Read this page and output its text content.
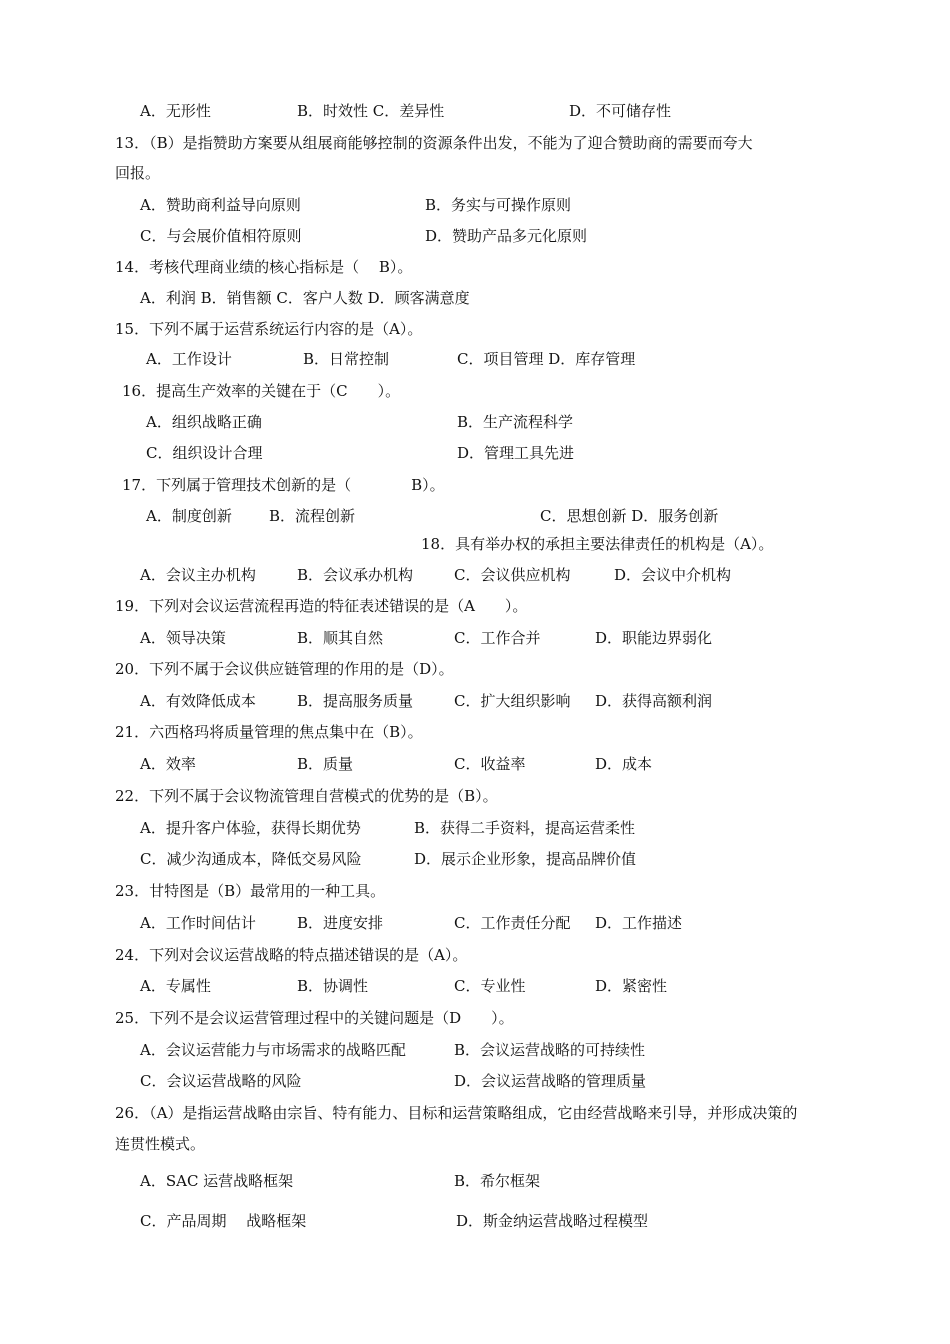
A．无形性	B．时效性 C．差异性	D．不可储存性
13．（B）是指赞助方案要从组展商能够控制的资源条件出发，不能为了迎合赞助商的需要而夸大
回报。
A．赞助商利益导向原则	B．务实与可操作原则
C．与会展价值相符原则	D．赞助产品多元化原则
14．考核代理商业绩的核心指标是（　 B）。
A．利润 B．销售额 C．客户人数 D．顾客满意度
15．下列不属于运营系统运行内容的是（A）。
A．工作设计	B．日常控制	C．项目管理 D．库存管理
16．提高生产效率的关键在于（C　　）。
A．组织战略正确	B．生产流程科学
C．组织设计合理	D．管理工具先进
17．下列属于管理技术创新的是（　　　　B）。
A．制度创新 B．流程创新	C．思想创新 D．服务创新
18．具有举办权的承担主要法律责任的机构是（A）。
A．会议主办机构	B．会议承办机构	C．会议供应机构	D．会议中介机构
19．下列对会议运营流程再造的特征表述错误的是（A　　）。
A．领导决策	B．顺其自然	C．工作合并	D．职能边界弱化
20．下列不属于会议供应链管理的作用的是（D）。
A．有效降低成本	B．提高服务质量	C．扩大组织影响 D．获得高额利润
21．六西格玛将质量管理的焦点集中在（B）。
A．效率	B．质量	C．收益率	D．成本
22．下列不属于会议物流管理自营模式的优势的是（B）。
A．提升客户体验，获得长期优势	B．获得二手资料，提高运营柔性
C．减少沟通成本，降低交易风险	D．展示企业形象，提高品牌价值
23．甘特图是（B）最常用的一种工具。
A．工作时间估计	B．进度安排	C．工作责任分配 D．工作描述
24．下列对会议运营战略的特点描述错误的是（A）。
A．专属性	B．协调性	C．专业性	D．紧密性
25．下列不是会议运营管理过程中的关键问题是（D　　）。
A．会议运营能力与市场需求的战略匹配	B．会议运营战略的可持续性
C．会议运营战略的风险	D．会议运营战略的管理质量
26．（A）是指运营战略由宗旨、特有能力、目标和运营策略组成，它由经营战略来引导，并形成决策的
连贯性模式。
A．SAC 运营战略框架	B．希尔框架
C．产品周期　 战略框架	D．斯金纳运营战略过程模型
